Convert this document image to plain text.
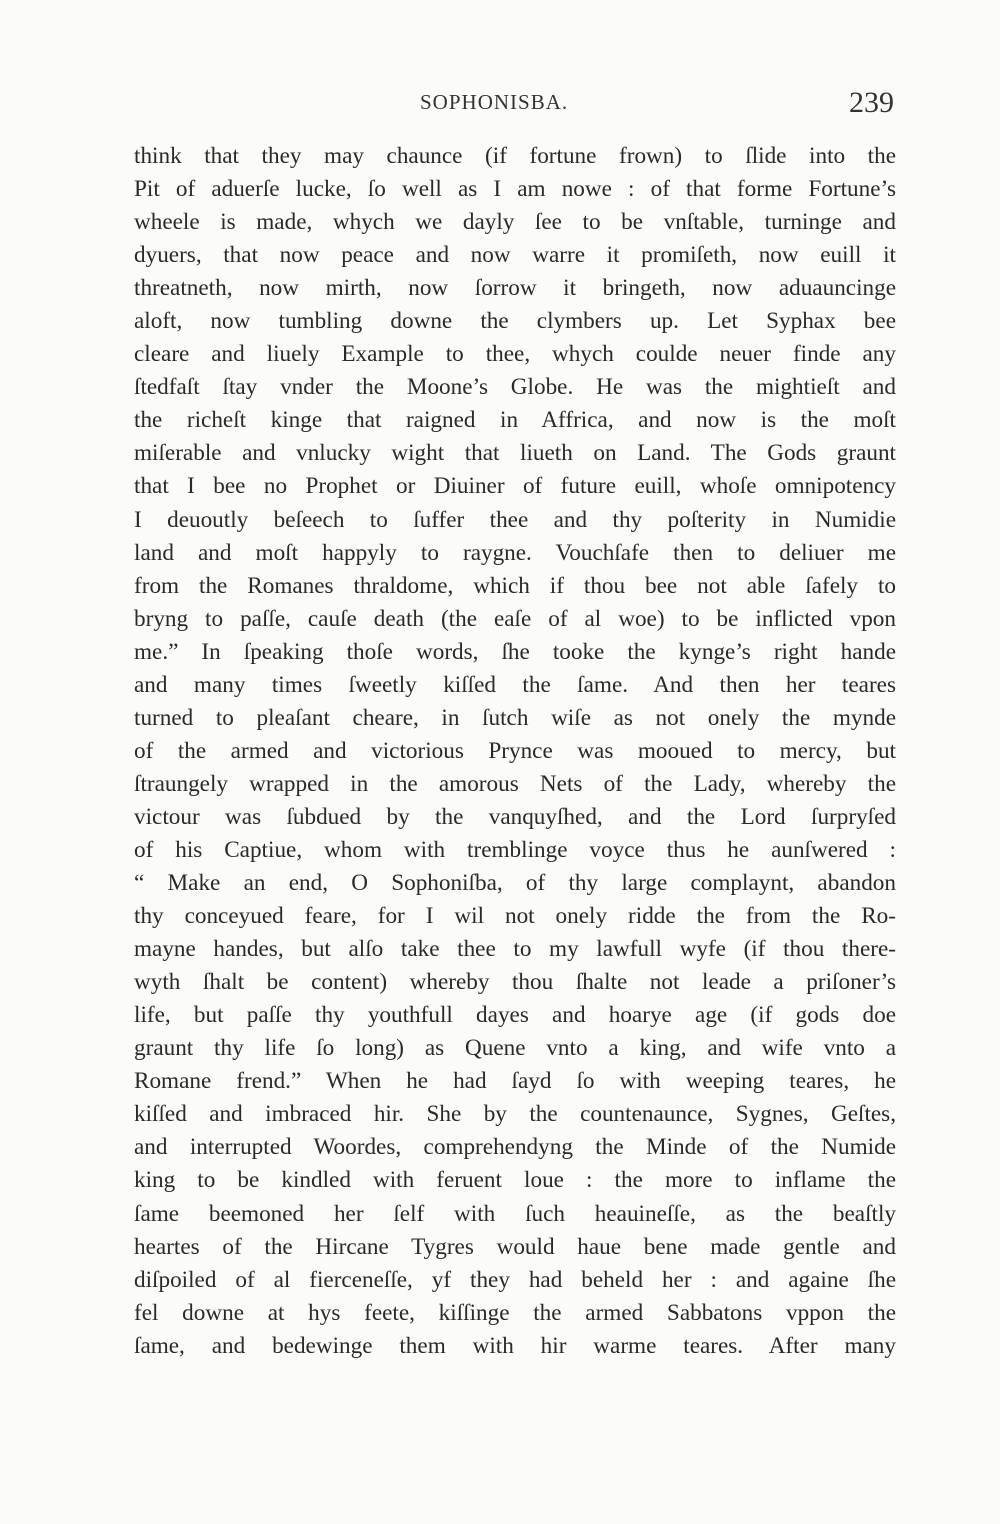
SOPHONISBA.	239
think that they may chaunce (if fortune frown) to ſlide into the
Pit of aduerſe lucke, ſo well as I am nowe : of that forme Fortune’s
wheele is made, whych we dayly ſee to be vnſtable, turninge and
dyuers, that now peace and now warre it promiſeth, now euill it
threatneth, now mirth, now ſorrow it bringeth, now aduauncinge
aloft, now tumbling downe the clymbers up. Let Syphax bee
cleare and liuely Example to thee, whych coulde neuer finde any
ſtedfaſt ſtay vnder the Moone’s Globe. He was the mightieſt and
the richeſt kinge that raigned in Affrica, and now is the moſt
miſerable and vnlucky wight that liueth on Land. The Gods graunt
that I bee no Prophet or Diuiner of future euill, whoſe omnipotency
I deuoutly beſeech to ſuffer thee and thy poſterity in Numidie
land and moſt happyly to raygne. Vouchſafe then to deliuer me
from the Romanes thraldome, which if thou bee not able ſafely to
bryng to paſſe, cauſe death (the eaſe of al woe) to be inflicted vpon
me.” In ſpeaking thoſe words, ſhe tooke the kynge’s right hande
and many times ſweetly kiſſed the ſame. And then her teares
turned to pleaſant cheare, in ſutch wiſe as not onely the mynde
of the armed and victorious Prynce was mooued to mercy, but
ſtraungely wrapped in the amorous Nets of the Lady, whereby the
victour was ſubdued by the vanquyſhed, and the Lord ſurpryſed
of his Captiue, whom with tremblinge voyce thus he aunſwered :
“ Make an end, O Sophoniſba, of thy large complaynt, abandon
thy conceyued feare, for I wil not onely ridde the from the Ro-
mayne handes, but alſo take thee to my lawfull wyfe (if thou there-
wyth ſhalt be content) whereby thou ſhalte not leade a priſoner’s
life, but paſſe thy youthfull dayes and hoarye age (if gods doe
graunt thy life ſo long) as Quene vnto a king, and wife vnto a
Romane frend.” When he had ſayd ſo with weeping teares, he
kiſſed and imbraced hir. She by the countenaunce, Sygnes, Geſtes,
and interrupted Woordes, comprehendyng the Minde of the Numide
king to be kindled with feruent loue : the more to inflame the
ſame beemoned her ſelf with ſuch heauineſſe, as the beaſtly
heartes of the Hircane Tygres would haue bene made gentle and
diſpoiled of al fierceneſſe, yf they had beheld her : and againe ſhe
fel downe at hys feete, kiſſinge the armed Sabbatons vppon the
ſame, and bedewinge them with hir warme teares. After many
